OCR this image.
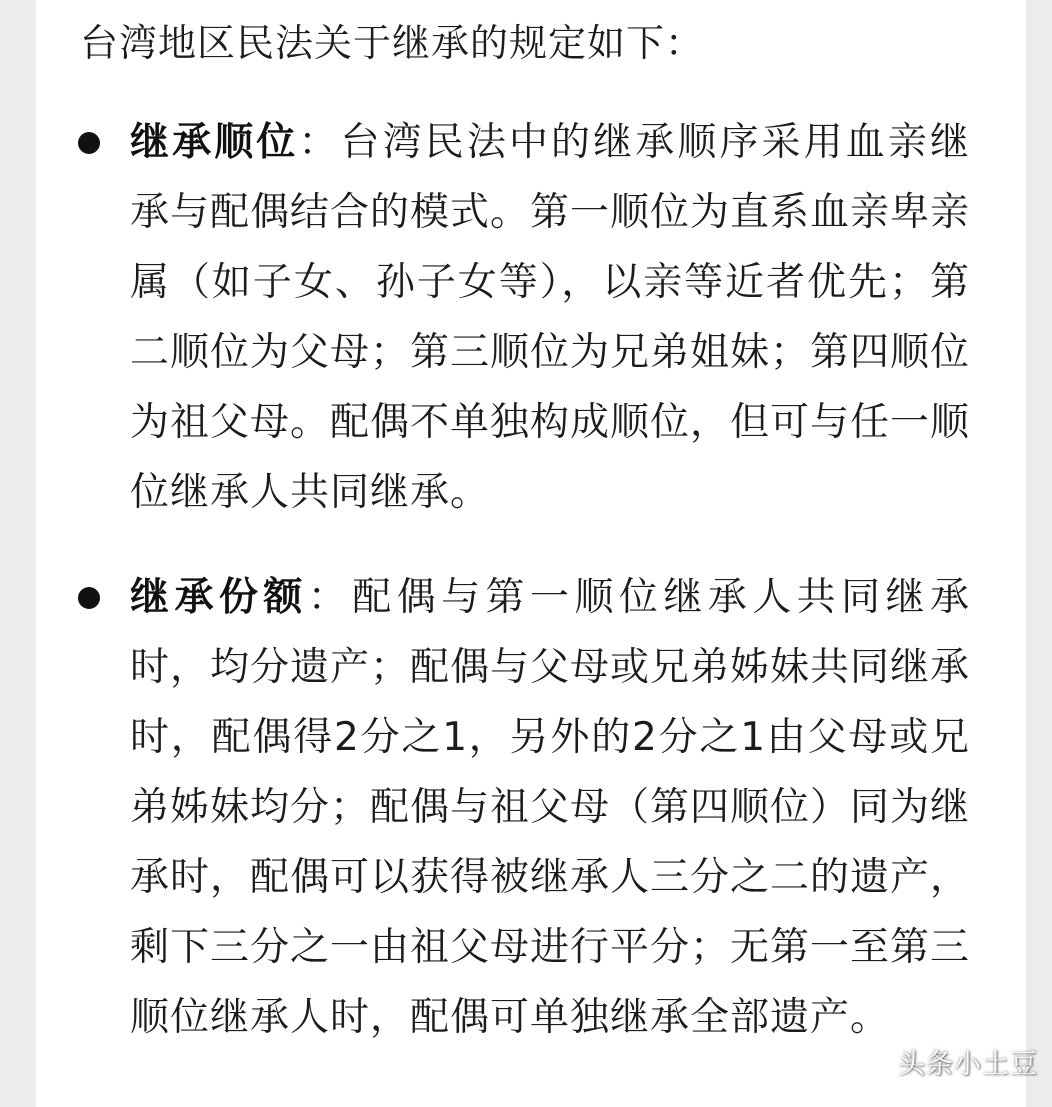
台湾地区民法关于继承的规定如下：

继承顺位：台湾民法中的继承顺序采用血亲继承与配偶结合的模式。第一顺位为直系血亲卑亲属（如子女、孙子女等），以亲等近者优先；第二顺位为父母；第三顺位为兄弟姐妹；第四顺位为祖父母。配偶不单独构成顺位，但可与任一顺位继承人共同继承。

继承份额：配偶与第一顺位继承人共同继承时，均分遗产；配偶与父母或兄弟姊妹共同继承时，配偶得2分之1，另外的2分之1由父母或兄弟姊妹均分；配偶与祖父母（第四顺位）同为继承时，配偶可以获得被继承人三分之二的遗产，剩下三分之一由祖父母进行平分；无第一至第三顺位继承人时，配偶可单独继承全部遗产。

头条小土豆
